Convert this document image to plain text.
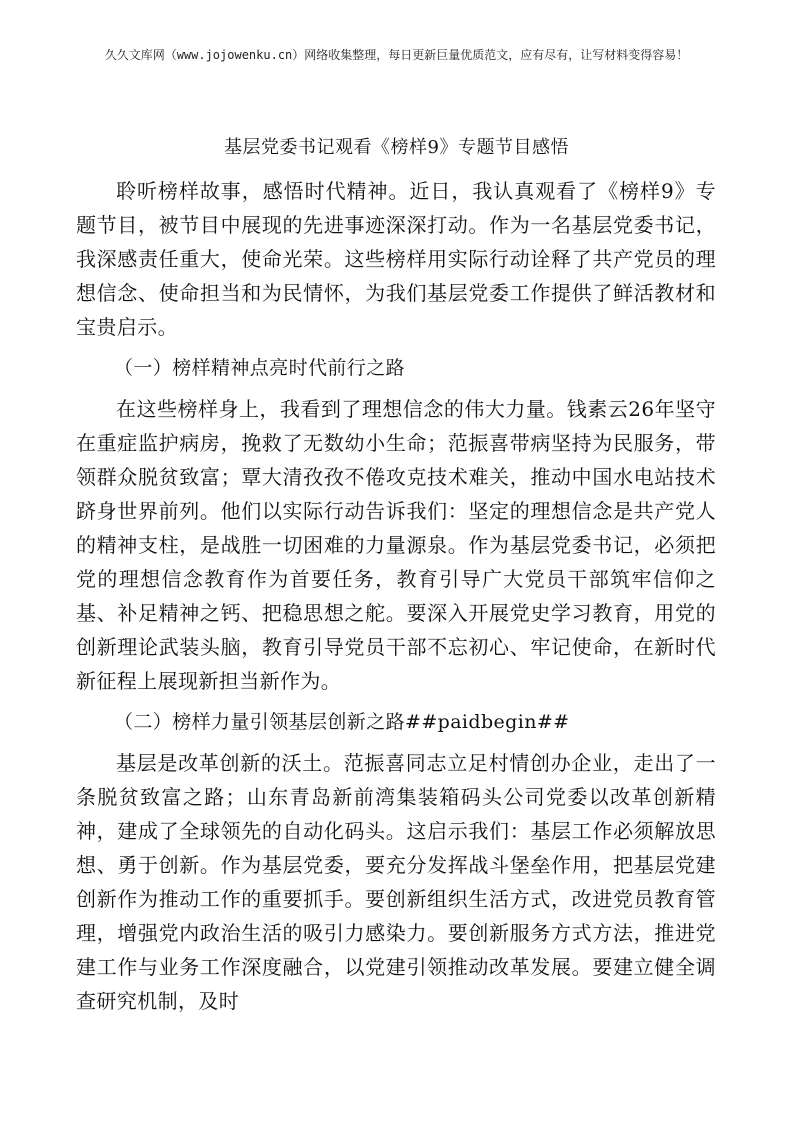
久久文库网（www.jojowenku.cn）网络收集整理，每日更新巨量优质范文，应有尽有，让写材料变得容易！
基层党委书记观看《榜样9》专题节目感悟

聆听榜样故事，感悟时代精神。近日，我认真观看了《榜样9》专题节目，被节目中展现的先进事迹深深打动。作为一名基层党委书记，我深感责任重大，使命光荣。这些榜样用实际行动诠释了共产党员的理想信念、使命担当和为民情怀，为我们基层党委工作提供了鲜活教材和宝贵启示。

（一）榜样精神点亮时代前行之路

在这些榜样身上，我看到了理想信念的伟大力量。钱素云26年坚守在重症监护病房，挽救了无数幼小生命；范振喜带病坚持为民服务，带领群众脱贫致富；覃大清孜孜不倦攻克技术难关，推动中国水电站技术跻身世界前列。他们以实际行动告诉我们：坚定的理想信念是共产党人的精神支柱，是战胜一切困难的力量源泉。作为基层党委书记，必须把党的理想信念教育作为首要任务，教育引导广大党员干部筑牢信仰之基、补足精神之钙、把稳思想之舵。要深入开展党史学习教育，用党的创新理论武装头脑，教育引导党员干部不忘初心、牢记使命，在新时代新征程上展现新担当新作为。

（二）榜样力量引领基层创新之路##paidbegin##

基层是改革创新的沃土。范振喜同志立足村情创办企业，走出了一条脱贫致富之路；山东青岛新前湾集装箱码头公司党委以改革创新精神，建成了全球领先的自动化码头。这启示我们：基层工作必须解放思想、勇于创新。作为基层党委，要充分发挥战斗堡垒作用，把基层党建创新作为推动工作的重要抓手。要创新组织生活方式，改进党员教育管理，增强党内政治生活的吸引力感染力。要创新服务方式方法，推进党建工作与业务工作深度融合，以党建引领推动改革发展。要建立健全调查研究机制，及时
